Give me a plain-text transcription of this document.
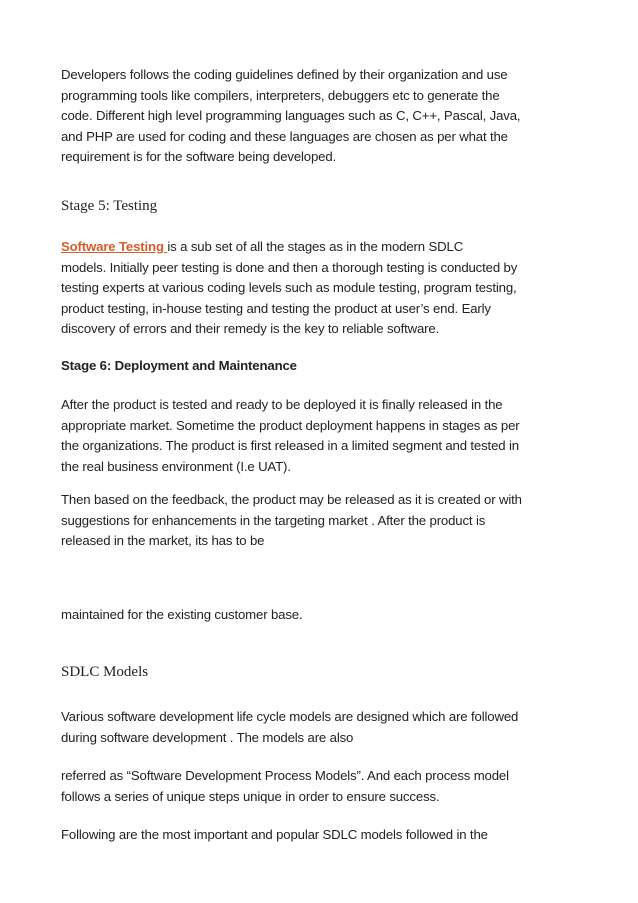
Developers follows the coding guidelines defined by their organization and use

programming tools like compilers, interpreters, debuggers etc to generate the

code. Different high level programming languages such as C, C++, Pascal, Java,

and PHP are used for coding and these languages are chosen as per what the

requirement is for the software being developed.

Stage 5: Testing

Software Testing is a sub set of all the stages as in the modern SDLC

models. Initially peer testing is done and then a thorough testing is conducted by

testing experts at various coding levels such as module testing, program testing,

product testing, in-house testing and testing the product at user’s end. Early

discovery of errors and their remedy is the key to reliable software.

Stage 6: Deployment and Maintenance

After the product is tested and ready to be deployed it is finally released in the

appropriate market. Sometime the product deployment happens in stages as per

the organizations. The product is first released in a limited segment and tested in

the real business environment (I.e UAT).

Then based on the feedback, the product may be released as it is created or with

suggestions for enhancements in the targeting market . After the product is

released in the market, its has to be

maintained for the existing customer base.

SDLC Models

Various software development life cycle models are designed which are followed

during software development . The models are also

referred as “Software Development Process Models”. And each process model

follows a series of unique steps unique in order to ensure success.

Following are the most important and popular SDLC models followed in the
